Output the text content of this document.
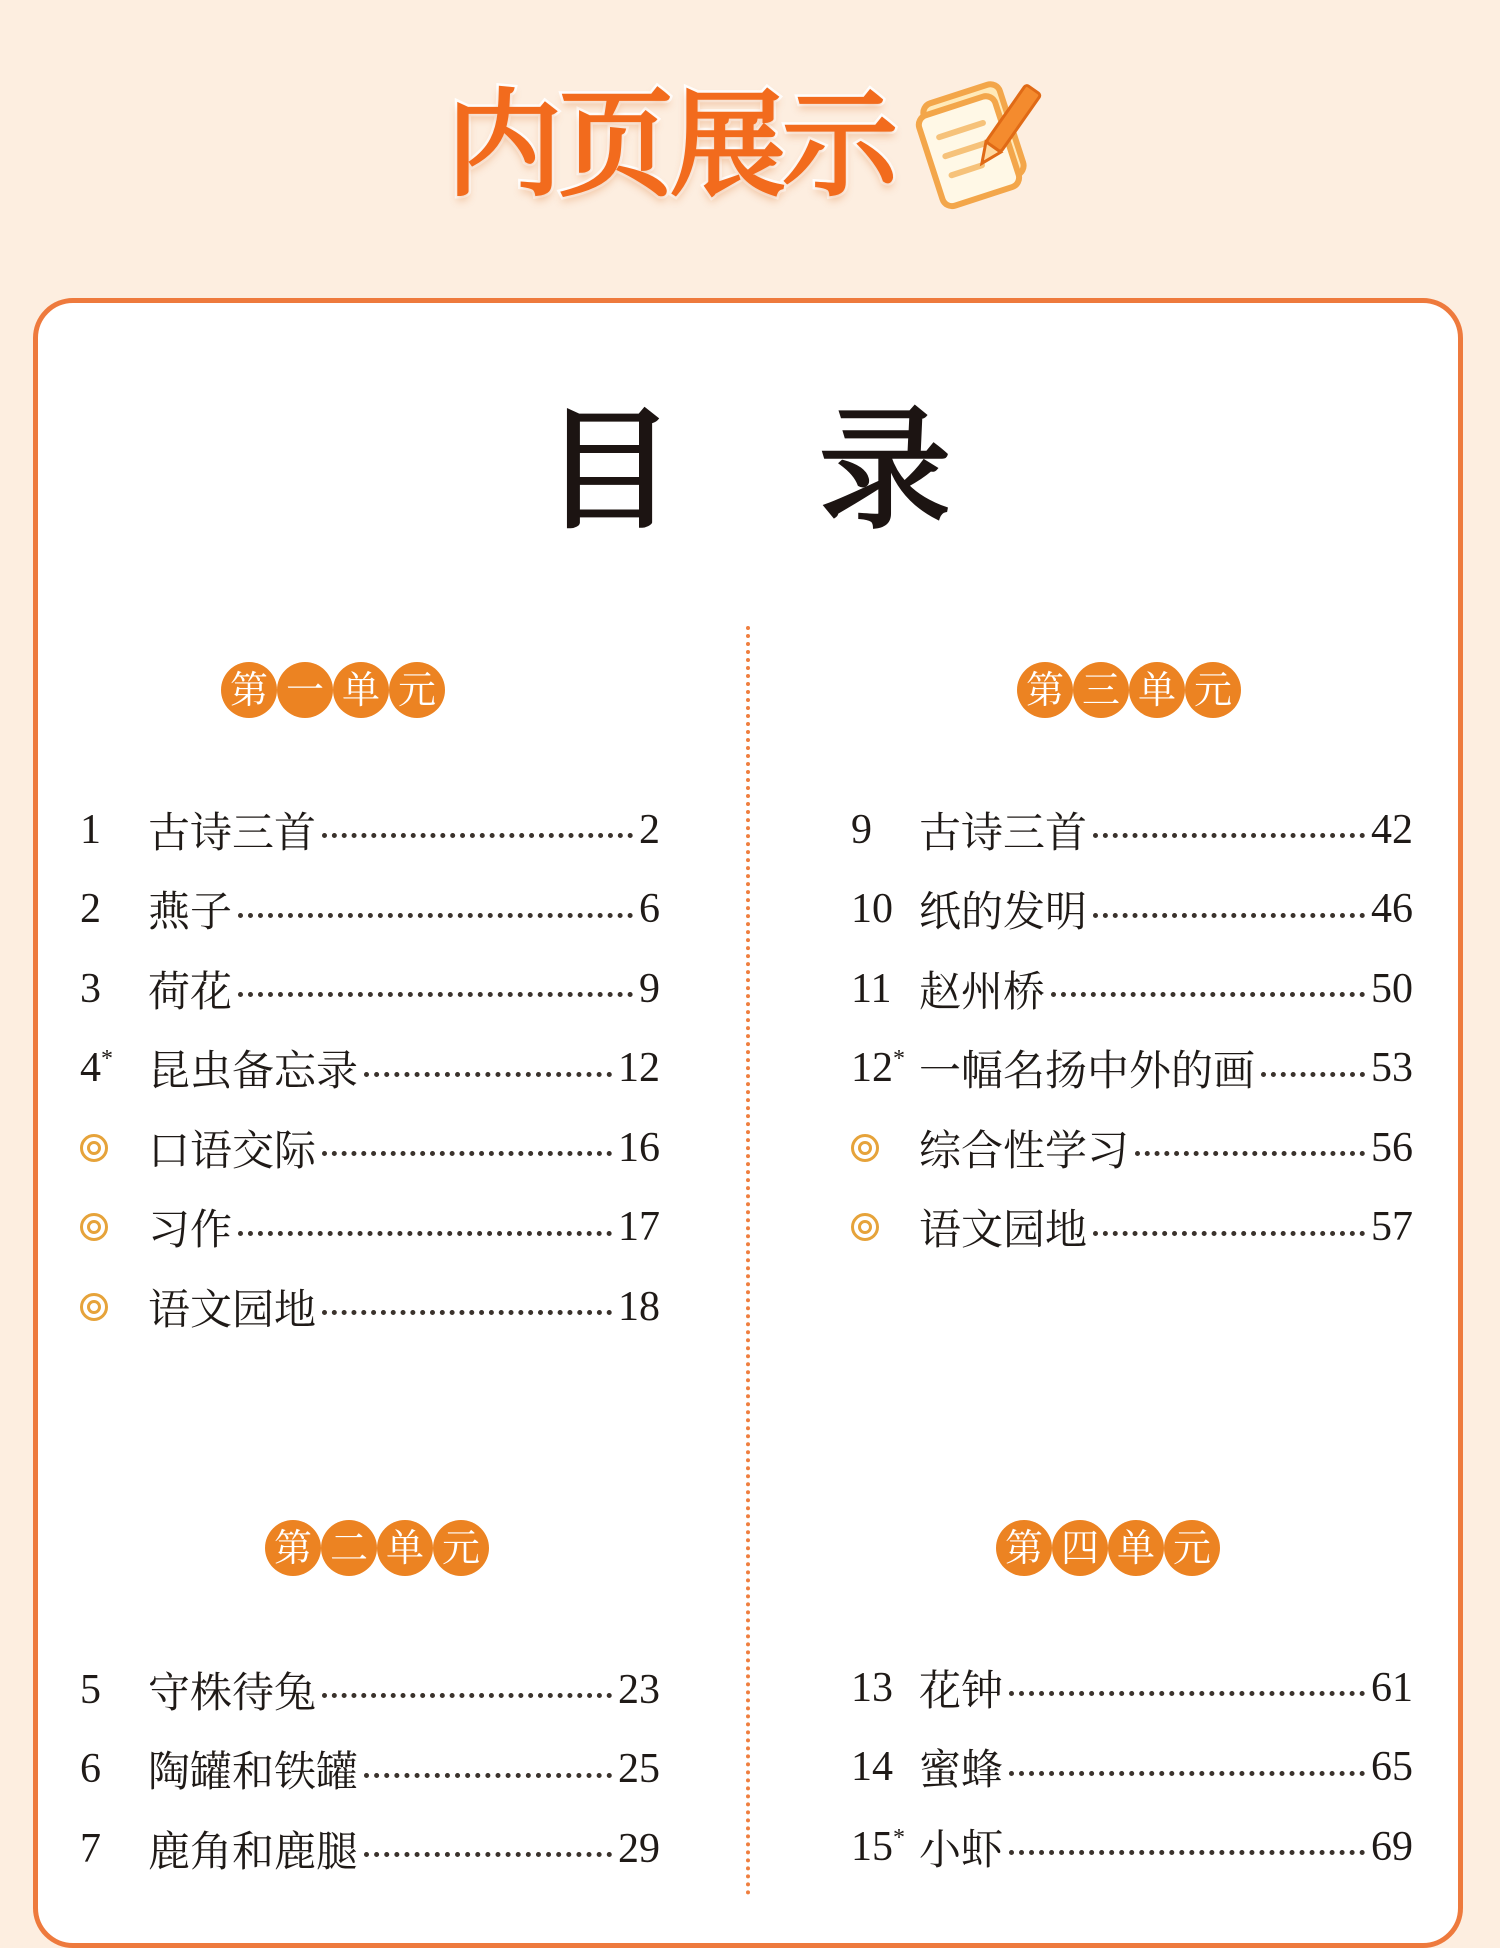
内页展示
目　录
第 一 单 元
第 二 单 元
第 三 单 元
第 四 单 元
1	古诗三首	2
2	燕子	6
3	荷花	9
4* 昆虫备忘录	12
口语交际	16
习作	17
语文园地	18
5	守株待兔	23
6	陶罐和铁罐	25
7	鹿角和鹿腿	29
9	古诗三首	42
10 纸的发明	46
11 赵州桥	50
12* 一幅名扬中外的画	53
综合性学习	56
语文园地	57
13 花钟	61
14 蜜蜂	65
15* 小虾	69
